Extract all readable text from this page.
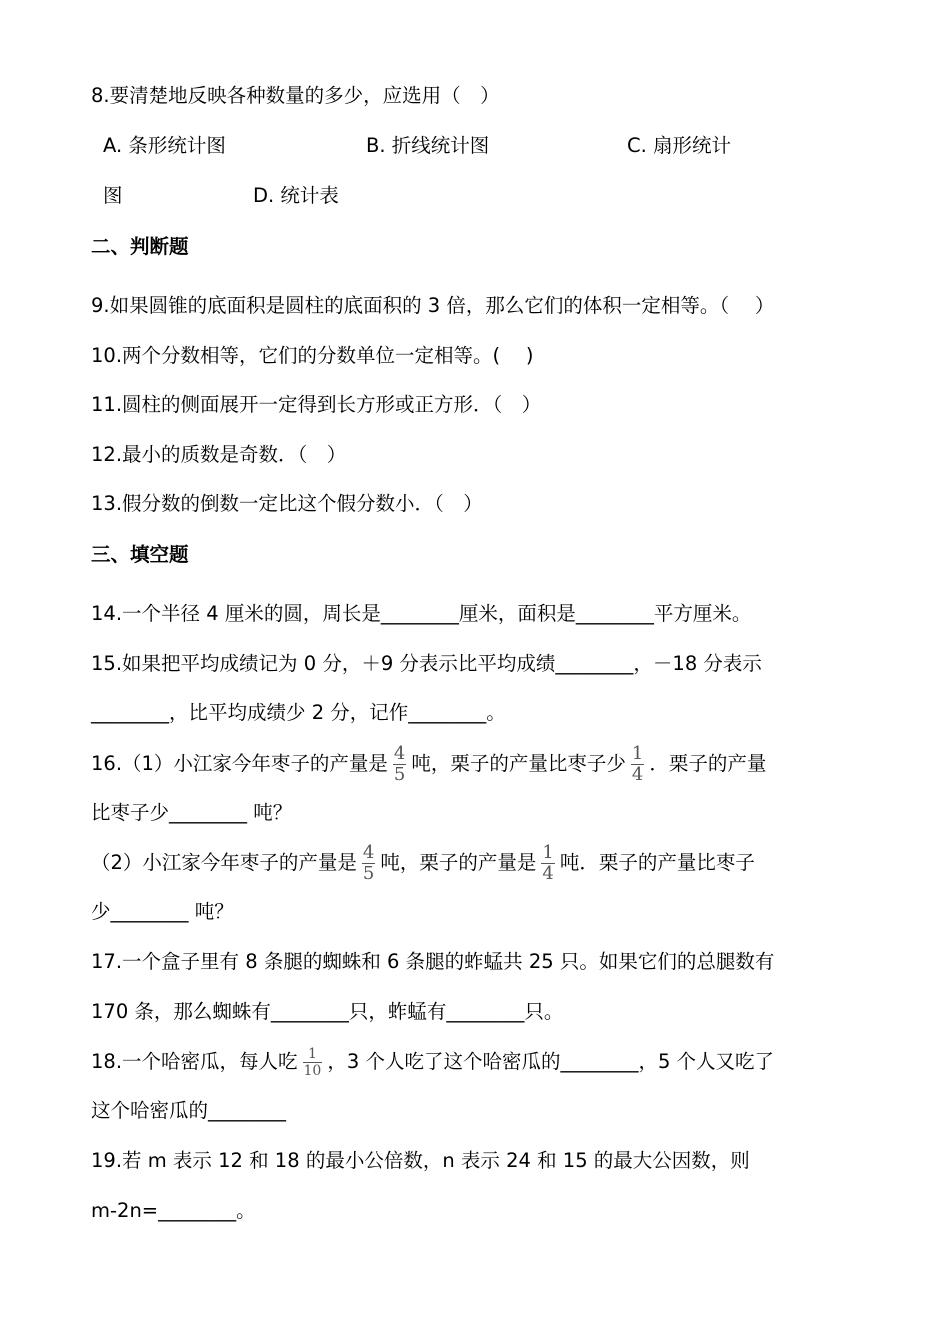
8.要清楚地反映各种数量的多少，应选用（　）
A. 条形统计图	B. 折线统计图	C. 扇形统计
图	D. 统计表
二、判断题
9.如果圆锥的底面积是圆柱的底面积的 3 倍，那么它们的体积一定相等。（　 ）
10.两个分数相等，它们的分数单位一定相等。(　 )
11.圆柱的侧面展开一定得到长方形或正方形．（　）
12.最小的质数是奇数．（　）
13.假分数的倒数一定比这个假分数小．（　）
三、填空题
14.一个半径 4 厘米的圆，周长是________厘米，面积是________平方厘米。
15.如果把平均成绩记为 0 分，＋9 分表示比平均成绩________，－18 分表示
________，比平均成绩少 2 分，记作________。
16.（1）小江家今年枣子的产量是 $\frac{4}{5}$ 吨，栗子的产量比枣子少 $\frac{1}{4}$ ．栗子的产量
比枣子少________ 吨？
（2）小江家今年枣子的产量是 $\frac{4}{5}$ 吨，栗子的产量是 $\frac{1}{4}$ 吨．栗子的产量比枣子
少________ 吨？
17.一个盒子里有 8 条腿的蜘蛛和 6 条腿的蚱蜢共 25 只。如果它们的总腿数有
170 条，那么蜘蛛有________只，蚱蜢有________只。
18.一个哈密瓜，每人吃 $\frac{1}{10}$ ，3 个人吃了这个哈密瓜的________，5 个人又吃了
这个哈密瓜的________
19.若 m 表示 12 和 18 的最小公倍数，n 表示 24 和 15 的最大公因数，则
m-2n=________。
